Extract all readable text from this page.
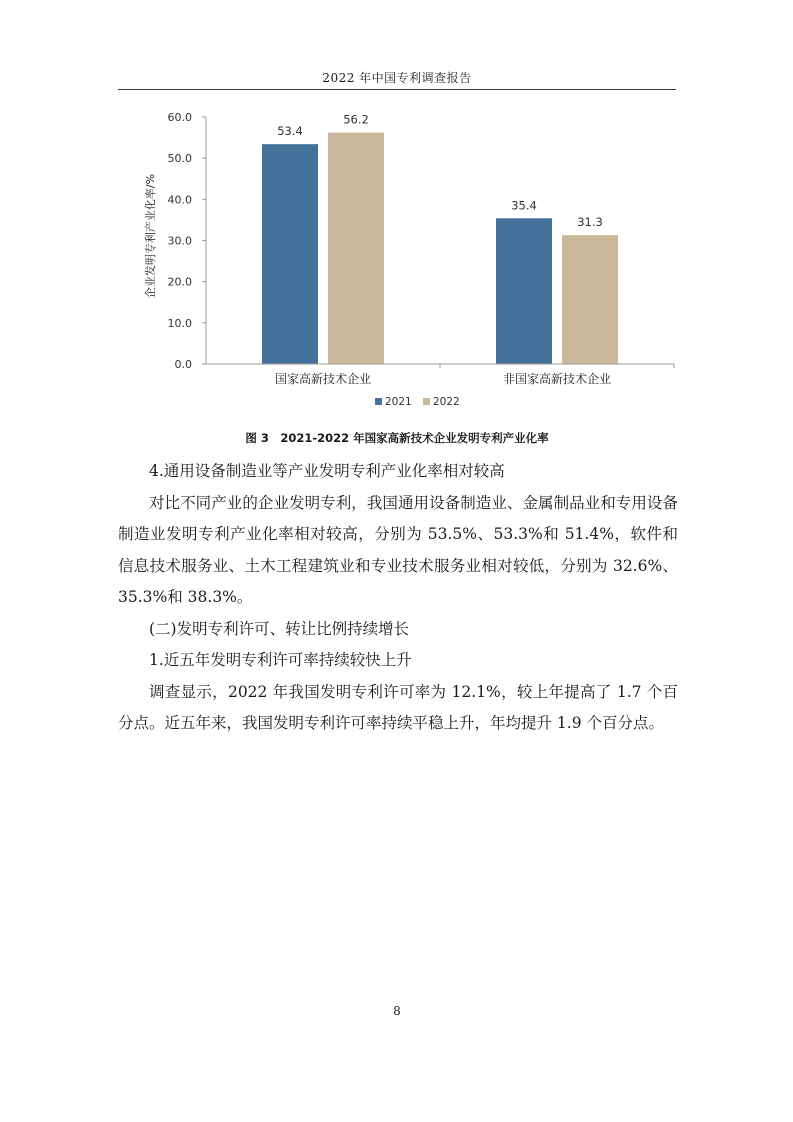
2022 年中国专利调查报告
0.0
10.0
20.0
30.0
40.0
50.0
60.0
53.4
56.2
35.4
31.3
国家高新技术企业	非国家高新技术企业
2021 2022
企业发明专利产业化率/%
图 3　2021-2022 年国家高新技术企业发明专利产业化率

4.通用设备制造业等产业发明专利产业化率相对较高

对比不同产业的企业发明专利，我国通用设备制造业、金属制品业和专用设备制造业发明专利产业化率相对较高，分别为 53.5%、53.3%和 51.4%，软件和信息技术服务业、土木工程建筑业和专业技术服务业相对较低，分别为 32.6%、35.3%和 38.3%。

(二)发明专利许可、转让比例持续增长

1.近五年发明专利许可率持续较快上升

调查显示，2022 年我国发明专利许可率为 12.1%，较上年提高了 1.7 个百分点。近五年来，我国发明专利许可率持续平稳上升，年均提升 1.9 个百分点。

8
